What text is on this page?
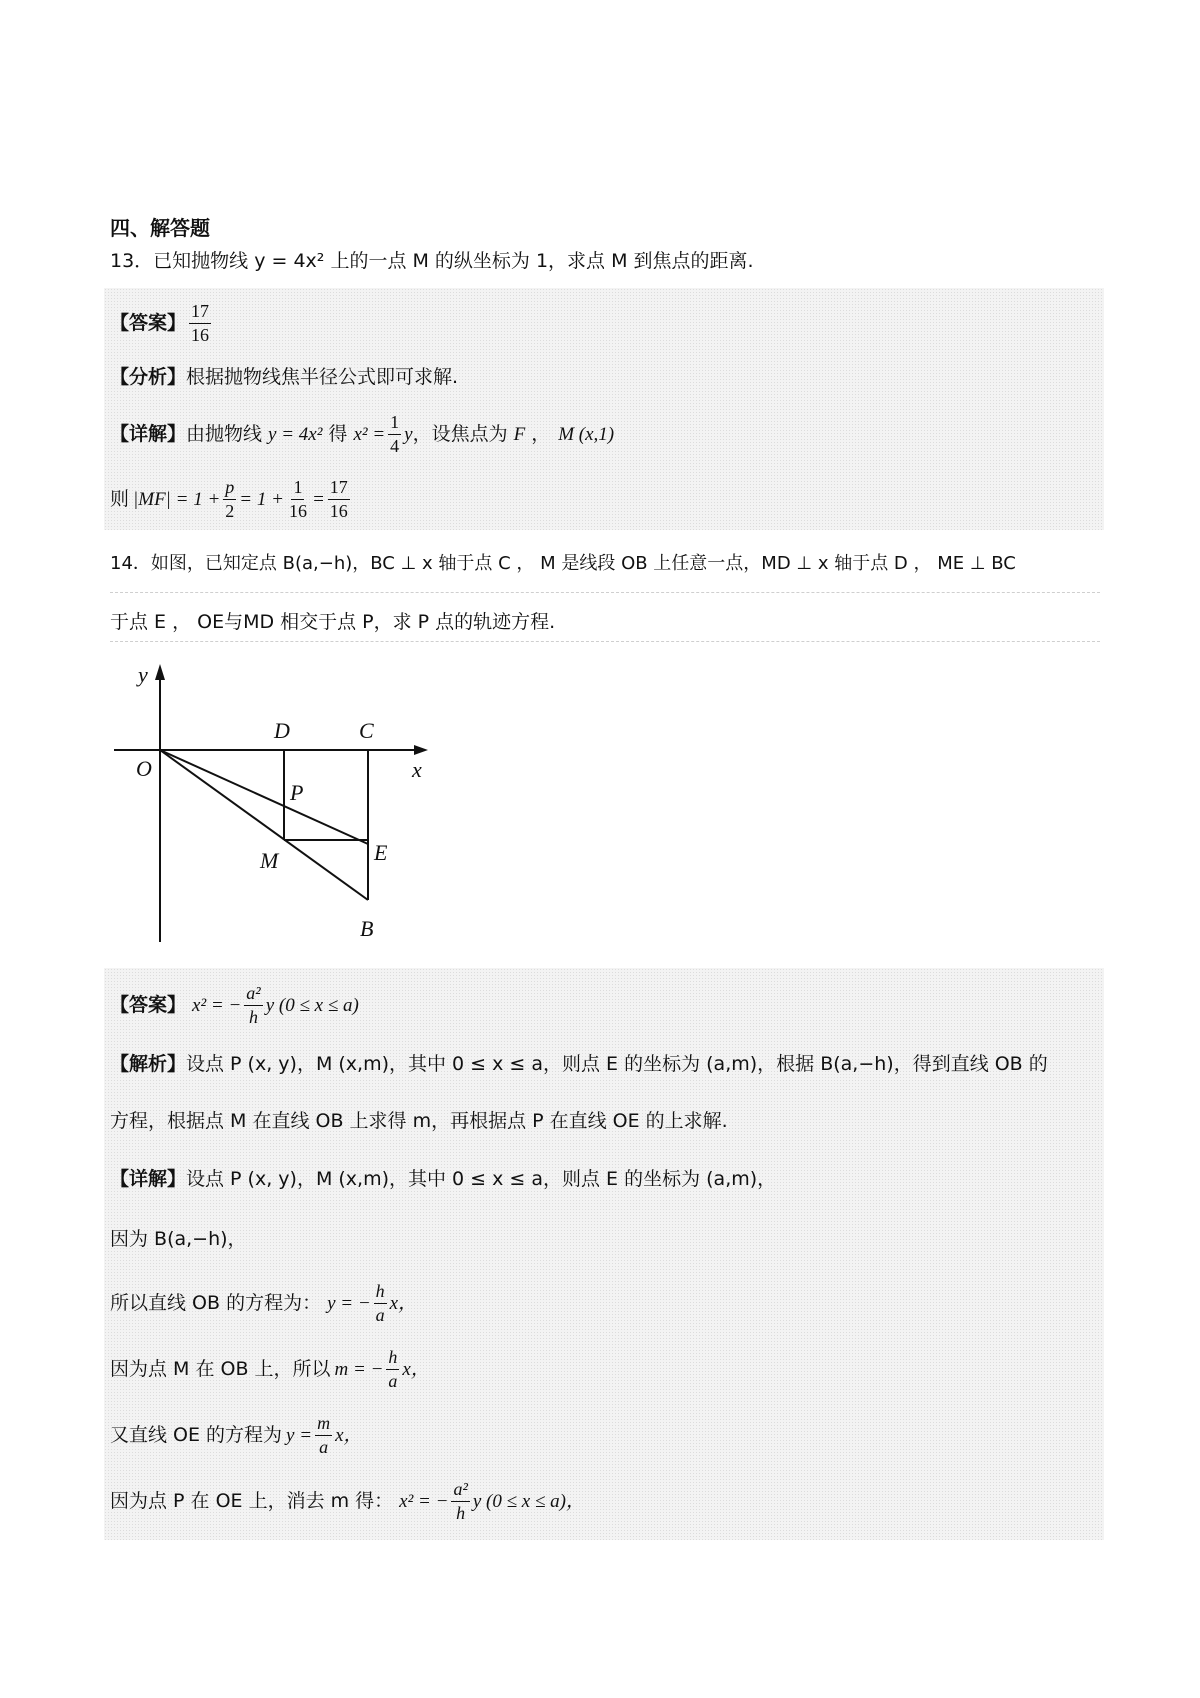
四、解答题
13．已知抛物线 y = 4x² 上的一点 M 的纵坐标为 1，求点 M 到焦点的距离.
【答案】 $\frac{17}{16}$
【分析】 根据抛物线焦半径公式即可求解.
【详解】 由抛物线 y = 4x² 得 $x^2 = \frac{1}{4}$ y ，设焦点为 F ， M (x,1)
则 $|MF| = 1 + \frac{p}{2} = 1 + \frac{1}{16} = \frac{17}{16}$
14．如图，已知定点 B(a,−h)，BC ⊥ x 轴于点 C ， M 是线段 OB 上任意一点，MD ⊥ x 轴于点 D ， ME ⊥ BC
于点 E ， OE与MD 相交于点 P，求 P 点的轨迹方程.
y
x
O
D	C
P
E
M
B
【答案】 x² = − $\frac{\text{a²}}{h}$ y (0 ≤ x ≤ a)
【解析】 设点 P (x, y)，M (x,m)，其中 0 ≤ x ≤ a，则点 E 的坐标为 (a,m)，根据 B(a,−h)，得到直线 OB 的
方程，根据点 M 在直线 OB 上求得 m，再根据点 P 在直线 OE 的上求解.
【详解】 设点 P (x, y)，M (x,m)，其中 0 ≤ x ≤ a，则点 E 的坐标为 (a,m)，
因为 B(a,−h)，
所以直线 OB 的方程为： y = − $\frac{h}{a}$ x，
因为点 M 在 OB 上，所以 m = − $\frac{h}{a}$ x，
又直线 OE 的方程为 $y = \frac{m}{a}$ x，
因为点 P 在 OE 上，消去 m 得： x² = − $\frac{\text{a²}}{h}$ y (0 ≤ x ≤ a)，
